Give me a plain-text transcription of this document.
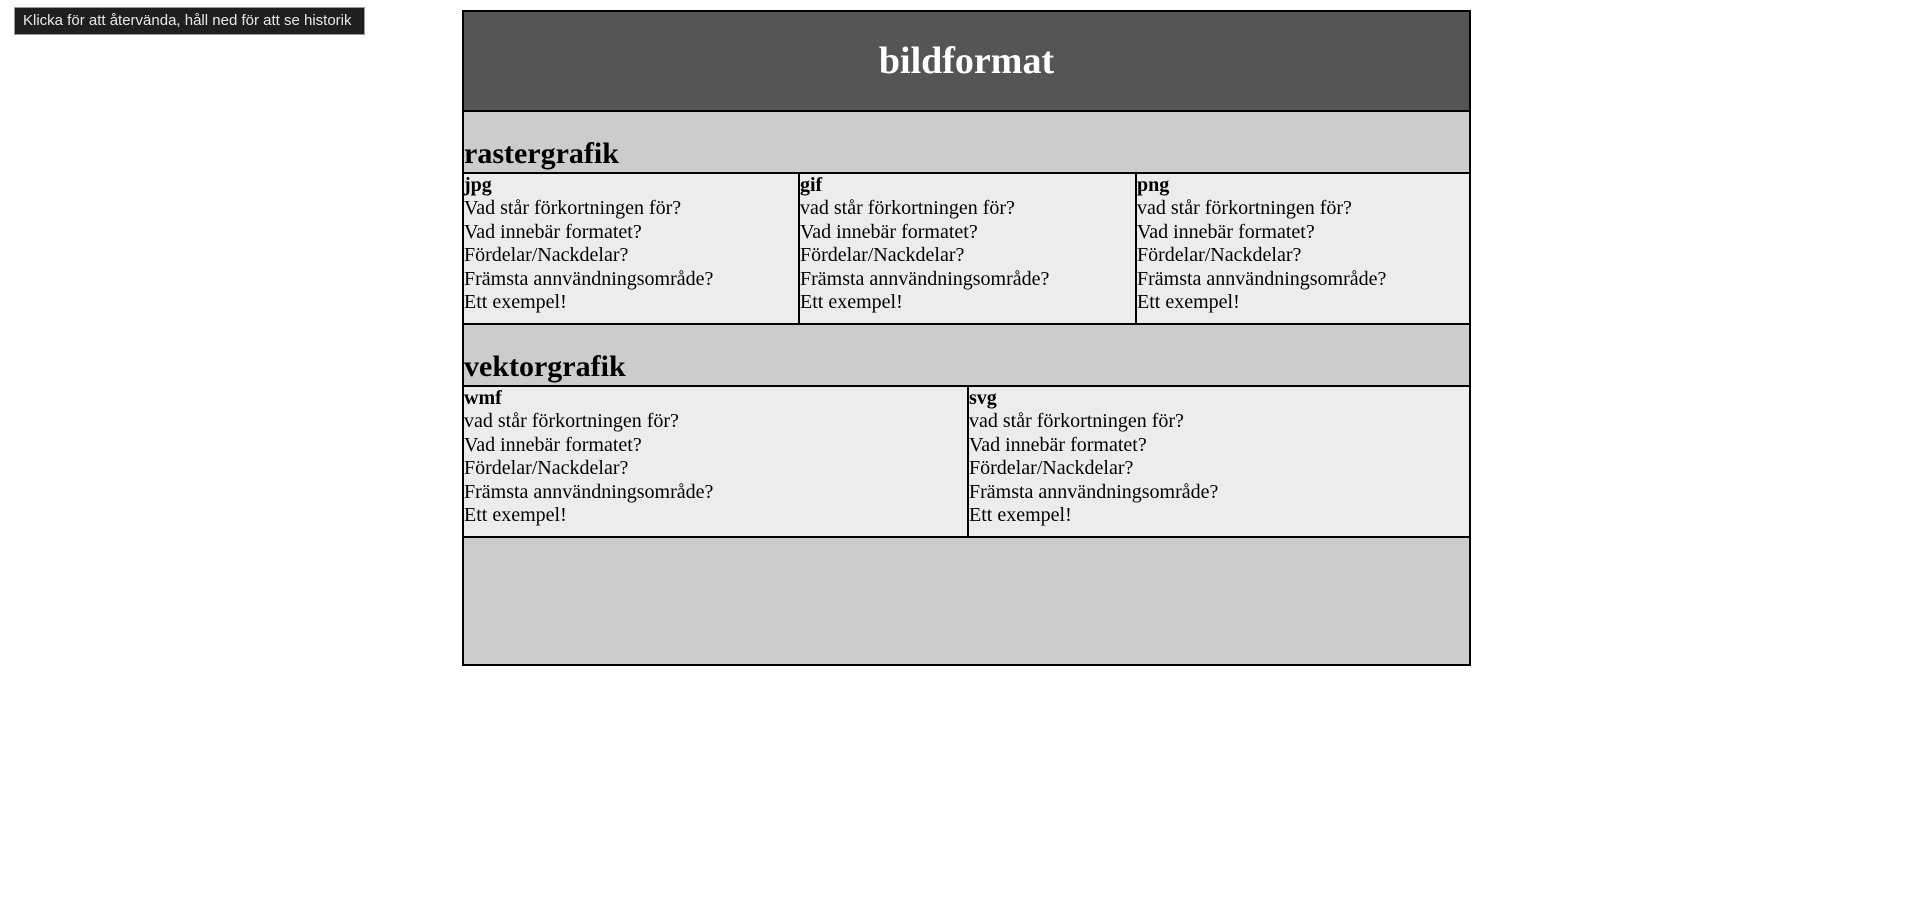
Klicka för att återvända, håll ned för att se historik
bildformat
rastergrafik
jpg
Vad står förkortningen för?
Vad innebär formatet?
Fördelar/Nackdelar?
Främsta annvändningsområde?
Ett exempel!
gif
vad står förkortningen för?
Vad innebär formatet?
Fördelar/Nackdelar?
Främsta annvändningsområde?
Ett exempel!
png
vad står förkortningen för?
Vad innebär formatet?
Fördelar/Nackdelar?
Främsta annvändningsområde?
Ett exempel!
vektorgrafik
wmf
vad står förkortningen för?
Vad innebär formatet?
Fördelar/Nackdelar?
Främsta annvändningsområde?
Ett exempel!
svg
vad står förkortningen för?
Vad innebär formatet?
Fördelar/Nackdelar?
Främsta annvändningsområde?
Ett exempel!
